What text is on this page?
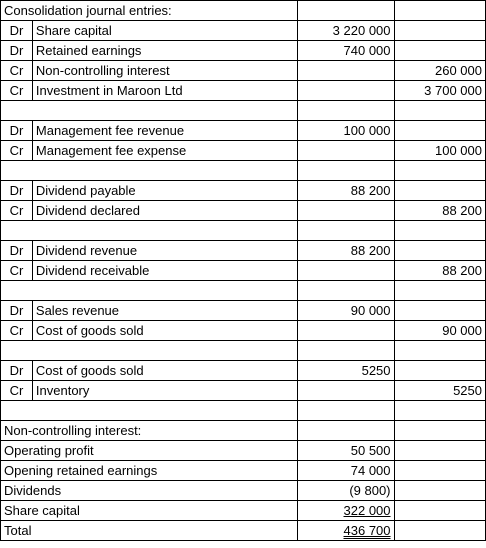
Consolidation journal entries:			
Dr	Share capital	3 220 000	
Dr	Retained earnings	740 000	
Cr	Non-controlling interest		260 000
Cr	Investment in Maroon Ltd		3 700 000

Dr	Management fee revenue	100 000	
Cr	Management fee expense		100 000

Dr	Dividend payable	88 200	
Cr	Dividend declared		88 200

Dr	Dividend revenue	88 200	
Cr	Dividend receivable		88 200

Dr	Sales revenue	90 000	
Cr	Cost of goods sold		90 000

Dr	Cost of goods sold	5250	
Cr	Inventory		5250

Non-controlling interest:			
Operating profit		50 500	
Opening retained earnings		74 000	
Dividends		(9 800)	
Share capital		322 000	
Total		436 700	
